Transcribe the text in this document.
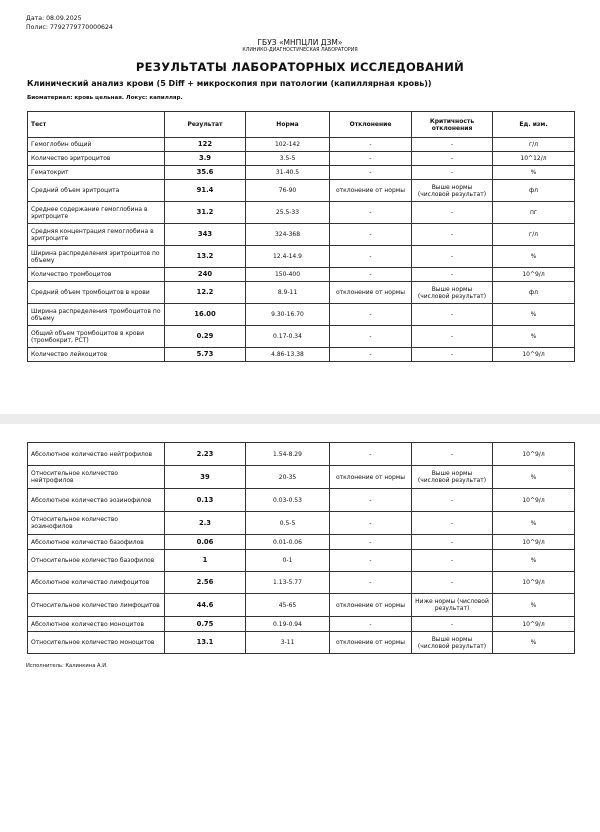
Дата: 08.09.2025
Полис: 7792779770000624
ГБУЗ «МНПЦЛИ ДЗМ»
КЛИНИКО-ДИАГНОСТИЧЕСКАЯ ЛАБОРАТОРИЯ
РЕЗУЛЬТАТЫ ЛАБОРАТОРНЫХ ИССЛЕДОВАНИЙ
Клинический анализ крови (5 Diff + микроскопия при патологии (капиллярная кровь))
Биоматериал: кровь цельная. Локус: капилляр.
Тест	Результат	Норма	Отклонение	Критичность отклонения	Ед. изм.
Гемоглобин общий	122	102-142	-	-	г/л
Количество эритроцитов	3.9	3.5-5	-	-	10^12/л
Гематокрит	35.6	31-40.5	-	-	%
Средний объем эритроцита	91.4	76-90	отклонение от нормы	Выше нормы (числовой результат)	фл
Среднее содержание гемоглобина в эритроците	31.2	25.5-33	-	-	пг
Средняя концентрация гемоглобина в эритроците	343	324-368	-	-	г/л
Ширина распределения эритроцитов по объему	13.2	12.4-14.9	-	-	%
Количество тромбоцитов	240	150-400	-	-	10^9/л
Средний объем тромбоцитов в крови	12.2	8.9-11	отклонение от нормы	Выше нормы (числовой результат)	фл
Ширина распределения тромбоцитов по объему	16.00	9.30-16.70	-	-	%
Общий объем тромбоцитов в крови (тромбокрит, PCT)	0.29	0.17-0.34	-	-	%
Количество лейкоцитов	5.73	4.86-13.38	-	-	10^9/л
Абсолютное количество нейтрофилов	2.23	1.54-8.29	-	-	10^9/л
Относительное количество нейтрофилов	39	20-35	отклонение от нормы	Выше нормы (числовой результат)	%
Абсолютное количество эозинофилов	0.13	0.03-0.53	-	-	10^9/л
Относительное количество эозинофилов	2.3	0.5-5	-	-	%
Абсолютное количество базофилов	0.06	0.01-0.06	-	-	10^9/л
Относительное количество базофилов	1	0-1	-	-	%
Абсолютное количество лимфоцитов	2.56	1.13-5.77	-	-	10^9/л
Относительное количество лимфоцитов	44.6	45-65	отклонение от нормы	Ниже нормы (числовой результат)	%
Абсолютное количество моноцитов	0.75	0.19-0.94	-	-	10^9/л
Относительное количество моноцитов	13.1	3-11	отклонение от нормы	Выше нормы (числовой результат)	%
Исполнитель: Калинкина А.И.
